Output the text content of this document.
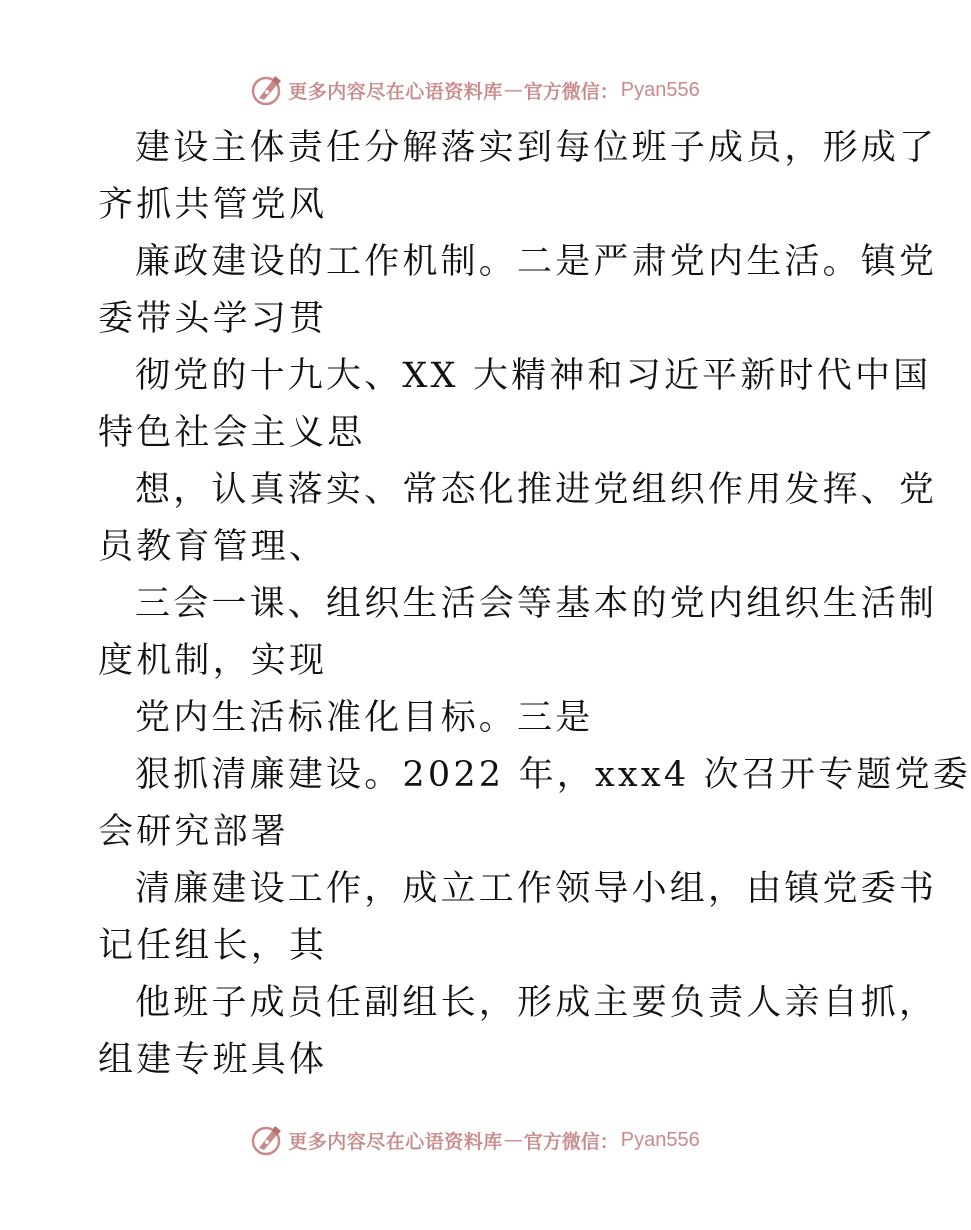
更多内容尽在心语资料库 — 官方微信： Pyan556
建设主体责任分解落实到每位班子成员，形成了
齐抓共管党风
廉政建设的工作机制。二是严肃党内生活。镇党
委带头学习贯
彻党的十九大、XX 大精神和习近平新时代中国
特色社会主义思
想，认真落实、常态化推进党组织作用发挥、党
员教育管理、
三会一课、组织生活会等基本的党内组织生活制
度机制，实现
党内生活标准化目标。三是
狠抓清廉建设。2022 年，xxx4 次召开专题党委
会研究部署
清廉建设工作，成立工作领导小组，由镇党委书
记任组长，其
他班子成员任副组长，形成主要负责人亲自抓，
组建专班具体
更多内容尽在心语资料库 — 官方微信： Pyan556
